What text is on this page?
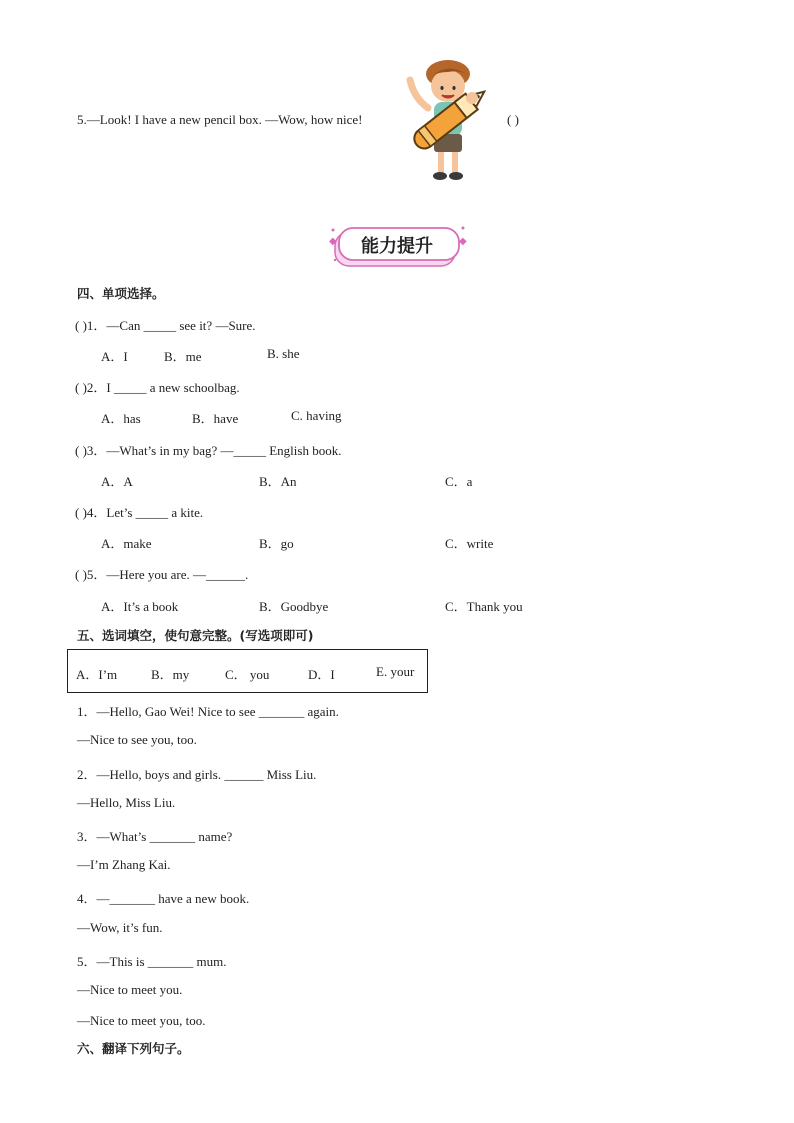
5.—Look! I have a new pencil box. —Wow, how nice!	( )
◆	◆
能力提升
四、单项选择。
( )1．—Can _____ see it? —Sure.
A．I	B．me	B. she
( )2．I _____ a new schoolbag.
A．has	B．have	C. having
( )3．—What’s in my bag? —_____ English book.
A．A	B．An	C．a
( )4．Let’s _____ a kite.
A．make	B．go	C．write
( )5．—Here you are. —______.
A．It’s a book	B．Goodbye	C．Thank you
五、选词填空，使句意完整。(写选项即可)
A．I’m	B．my	C． you	D．I	E. your
1．—Hello, Gao Wei! Nice to see _______ again.
—Nice to see you, too.
2．—Hello, boys and girls. ______ Miss Liu.
—Hello, Miss Liu.
3．—What’s _______ name?
—I’m Zhang Kai.
4．—_______ have a new book.
—Wow, it’s fun.
5．—This is _______ mum.
—Nice to meet you.
—Nice to meet you, too.
六、翻译下列句子。
